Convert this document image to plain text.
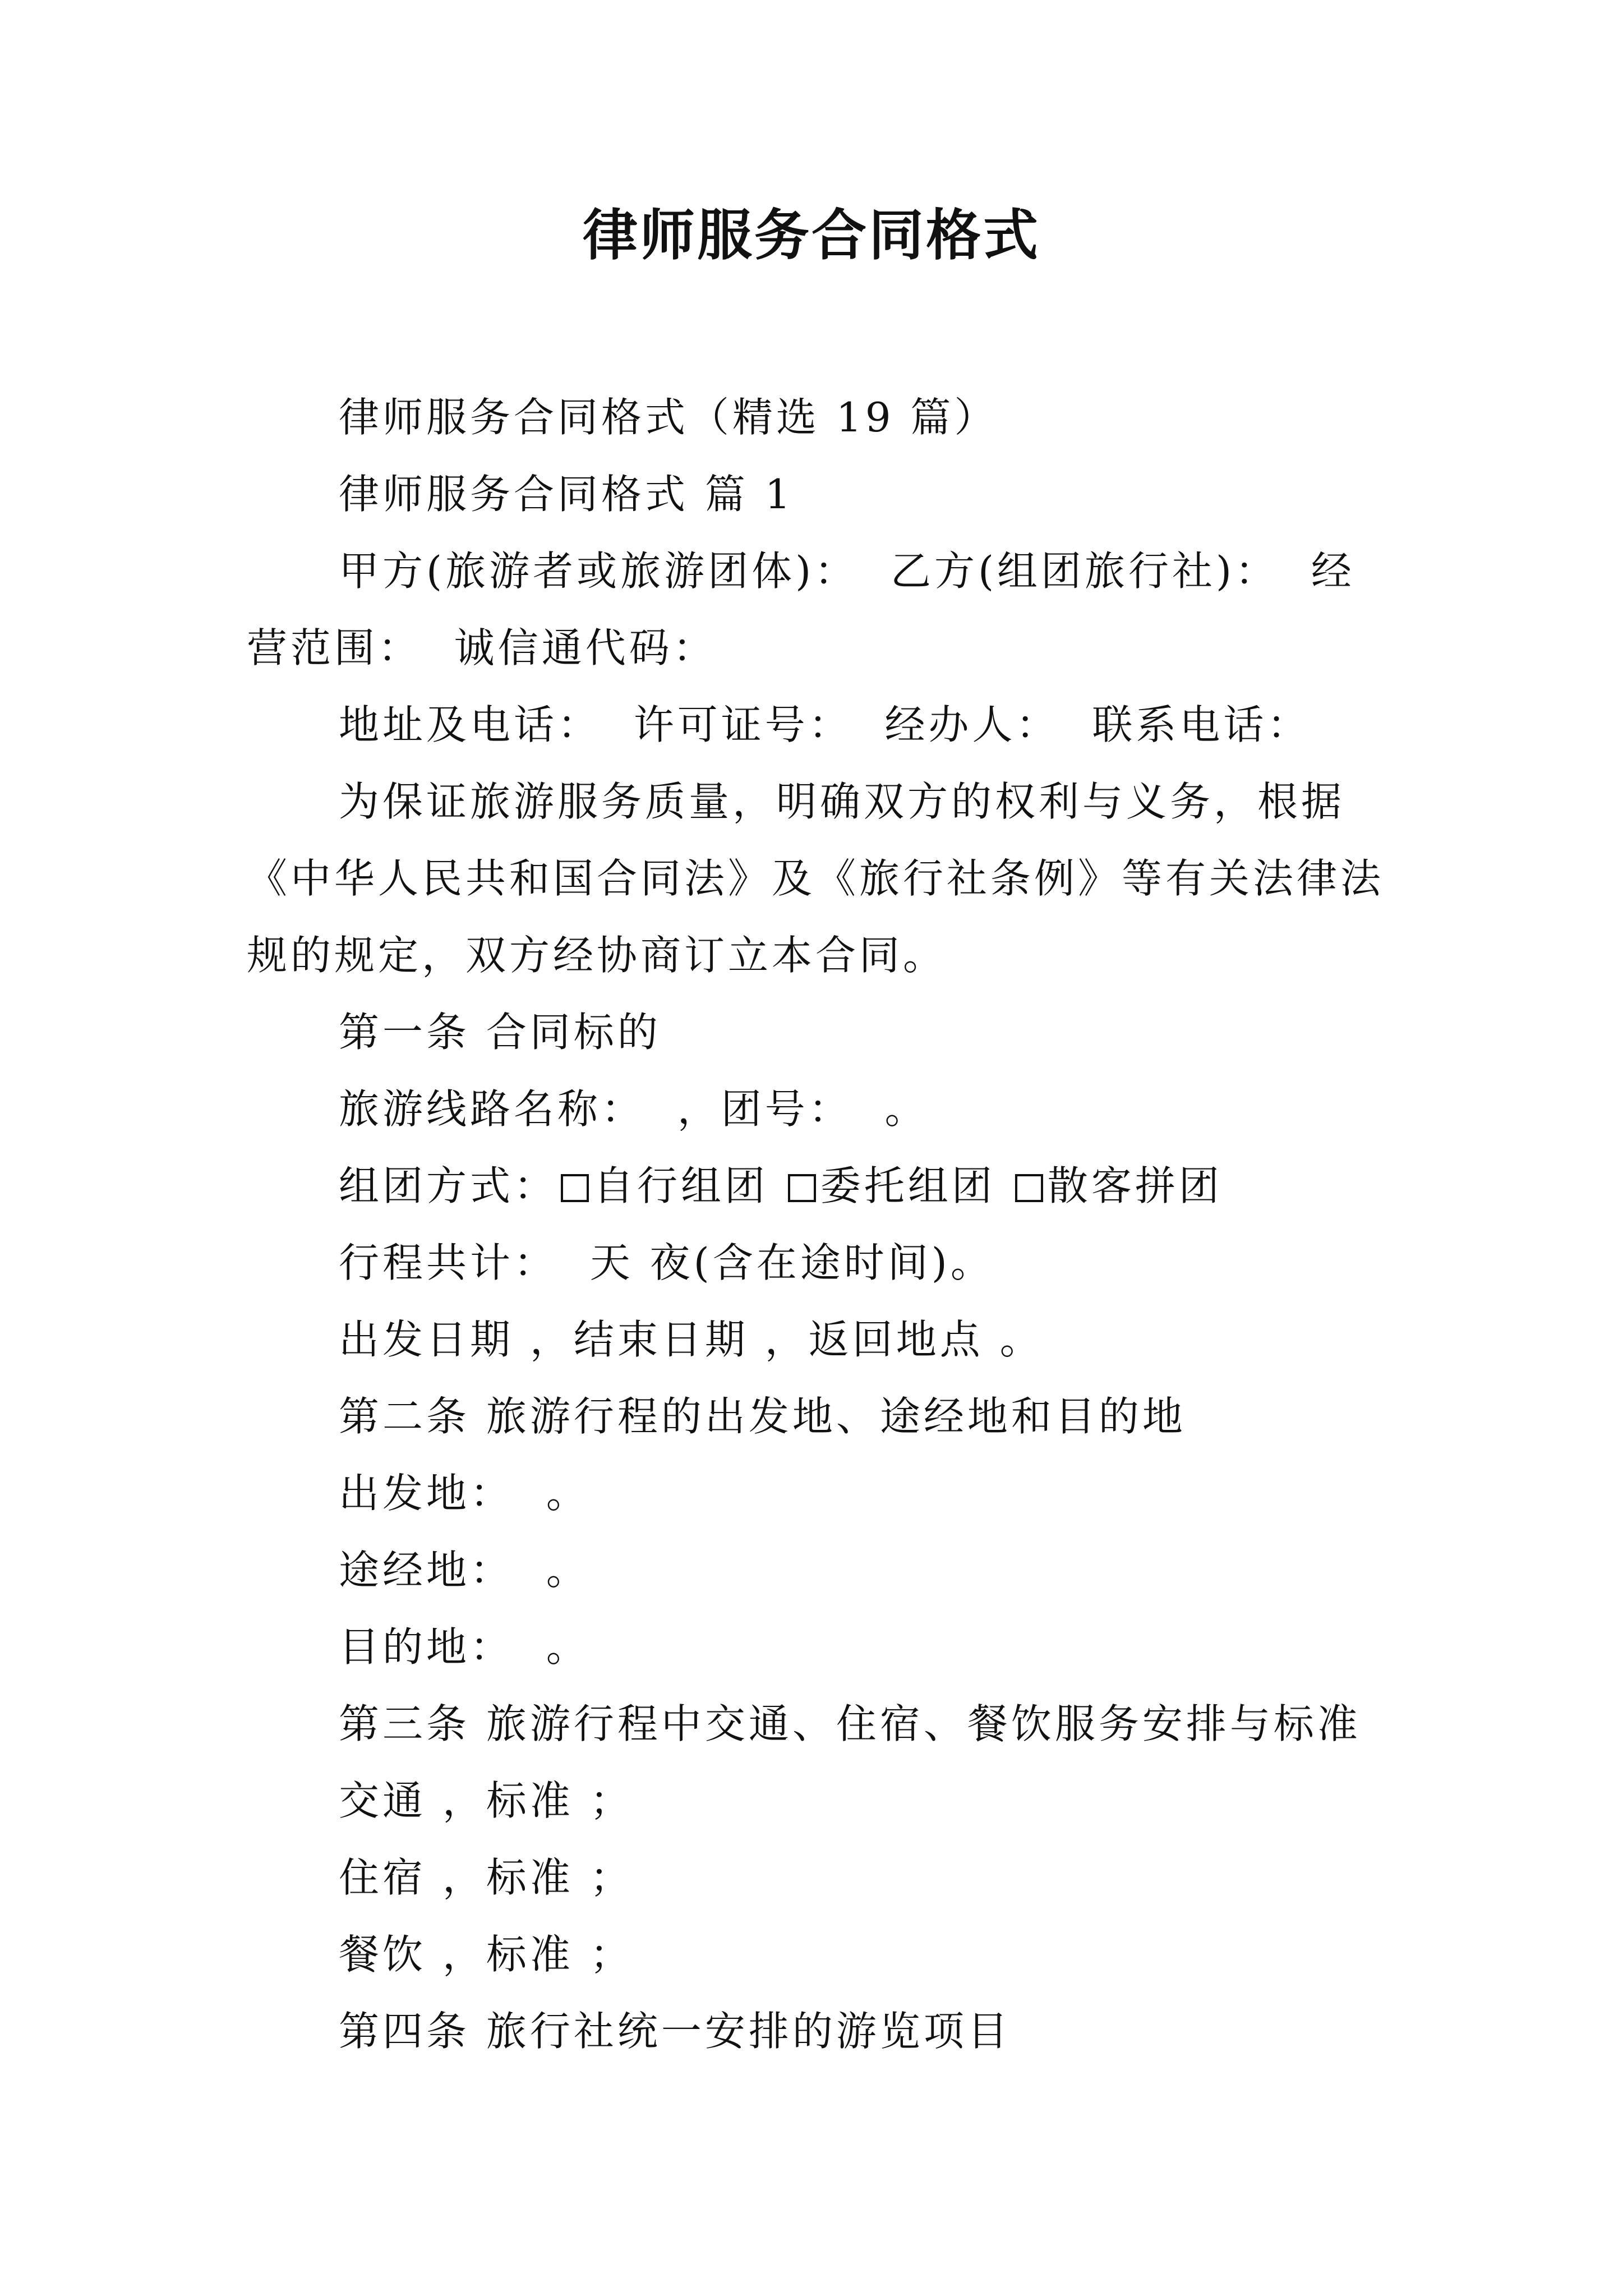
律师服务合同格式

律师服务合同格式（精选 19 篇）

律师服务合同格式 篇 1

甲方(旅游者或旅游团体)：  乙方(组团旅行社)：  经营范围：  诚信通代码：

地址及电话：  许可证号：  经办人：  联系电话：

为保证旅游服务质量，明确双方的权利与义务，根据《中华人民共和国合同法》及《旅行社条例》等有关法律法规的规定，双方经协商订立本合同。

第一条 合同标的

旅游线路名称：  ，团号：  。

组团方式： 自行组团 委托组团 散客拼团

行程共计：  天 夜(含在途时间)。

出发日期 ，结束日期 ，返回地点 。

第二条 旅游行程的出发地、途经地和目的地

出发地：  。

途经地：  。

目的地：  。

第三条 旅游行程中交通、住宿、餐饮服务安排与标准

交通 ，标准 ；

住宿 ，标准 ；

餐饮 ，标准 ；

第四条 旅行社统一安排的游览项目
